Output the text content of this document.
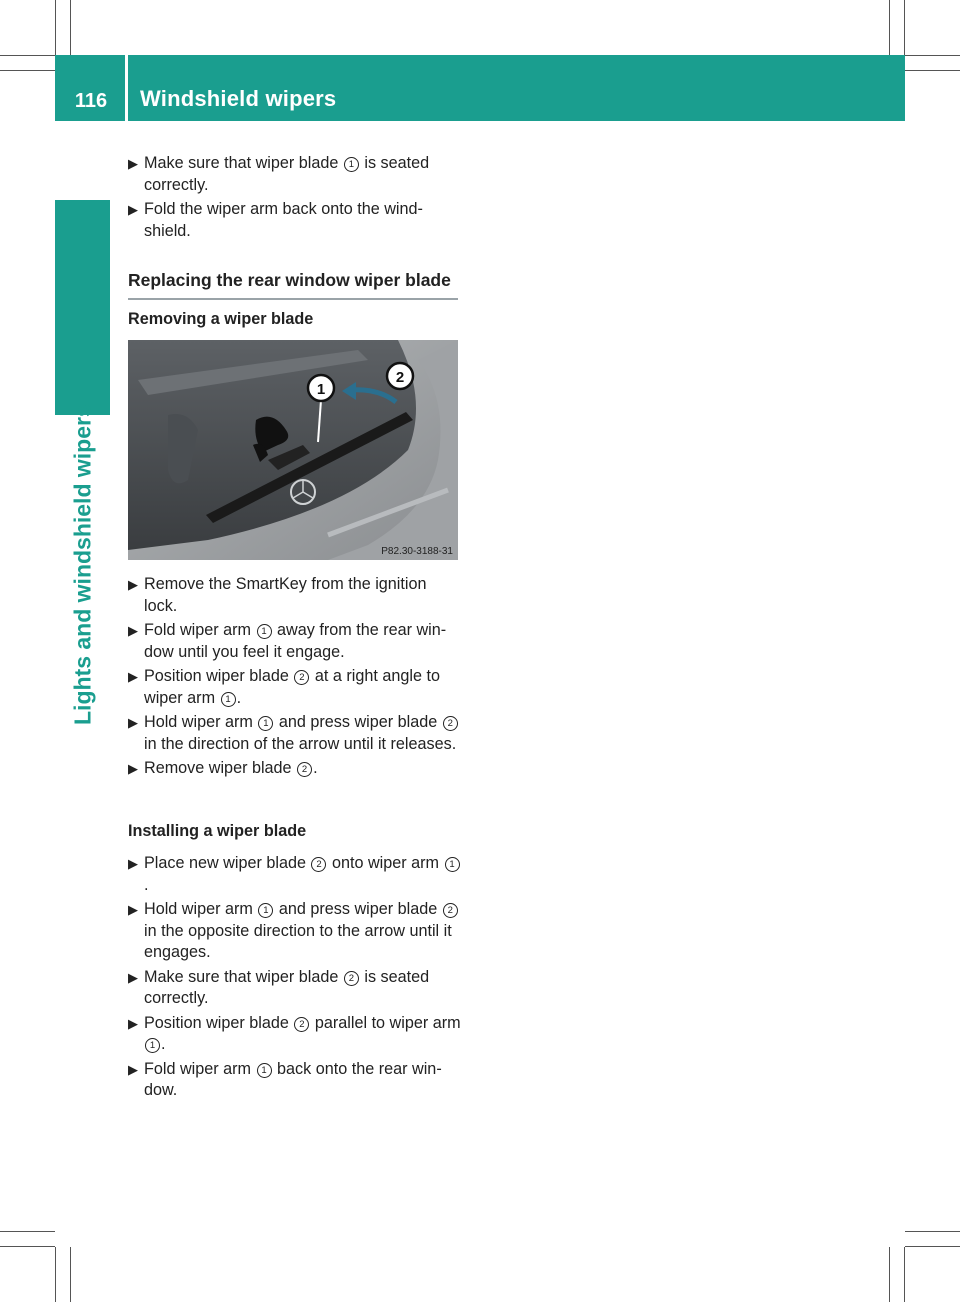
116	Windshield wipers
Lights and windshield wipers
▶ Make sure that wiper blade 1 is seated correctly.
▶ Fold the wiper arm back onto the wind-shield.
Replacing the rear window wiper blade
Removing a wiper blade
1
2
P82.30-3188-31
▶ Remove the SmartKey from the ignition lock.
▶ Fold wiper arm 1 away from the rear win-dow until you feel it engage.
▶ Position wiper blade 2 at a right angle to wiper arm 1 .
▶ Hold wiper arm 1 and press wiper blade 2 in the direction of the arrow until it releases.
▶ Remove wiper blade 2 .
Installing a wiper blade
▶ Place new wiper blade 2 onto wiper arm 1.
▶ Hold wiper arm 1 and press wiper blade 2 in the opposite direction to the arrow until it engages.
▶ Make sure that wiper blade 2 is seated correctly.
▶ Position wiper blade 2 parallel to wiper arm 1 .
▶ Fold wiper arm 1 back onto the rear win-dow.
